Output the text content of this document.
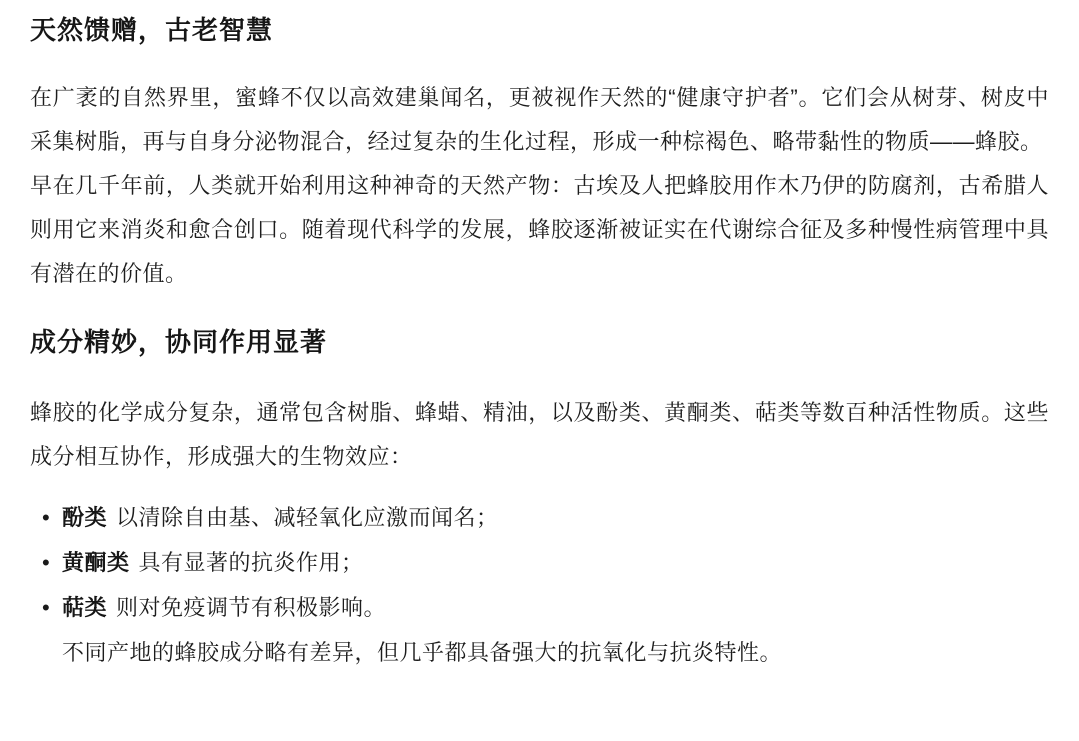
天然馈赠，古老智慧

在广袤的自然界里，蜜蜂不仅以高效建巢闻名，更被视作天然的“健康守护者”。它们会从树芽、树皮中采集树脂，再与自身分泌物混合，经过复杂的生化过程，形成一种棕褐色、略带黏性的物质——蜂胶。

早在几千年前，人类就开始利用这种神奇的天然产物：古埃及人把蜂胶用作木乃伊的防腐剂，古希腊人则用它来消炎和愈合创口。随着现代科学的发展，蜂胶逐渐被证实在代谢综合征及多种慢性病管理中具有潜在的价值。

成分精妙，协同作用显著

蜂胶的化学成分复杂，通常包含树脂、蜂蜡、精油，以及酚类、黄酮类、萜类等数百种活性物质。这些成分相互协作，形成强大的生物效应：

• 酚类 以清除自由基、减轻氧化应激而闻名；
• 黄酮类 具有显著的抗炎作用；
• 萜类 则对免疫调节有积极影响。
不同产地的蜂胶成分略有差异，但几乎都具备强大的抗氧化与抗炎特性。
